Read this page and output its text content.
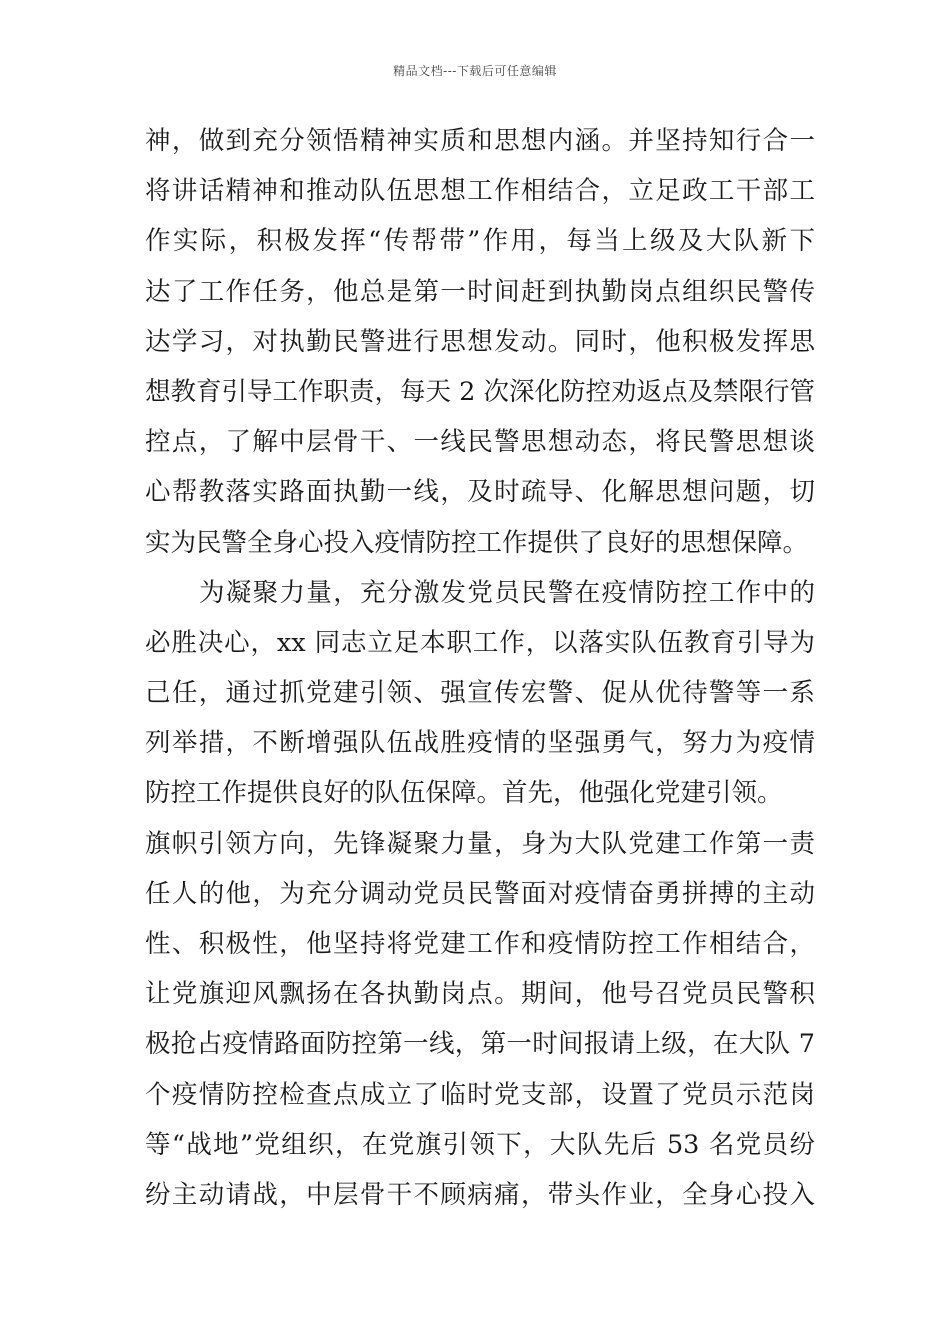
精品文档---下载后可任意编辑
神，做到充分领悟精神实质和思想内涵。并坚持知行合一
将讲话精神和推动队伍思想工作相结合，立足政工干部工
作实际，积极发挥“传帮带”作用，每当上级及大队新下
达了工作任务，他总是第一时间赶到执勤岗点组织民警传
达学习，对执勤民警进行思想发动。同时，他积极发挥思
想教育引导工作职责，每天 2 次深化防控劝返点及禁限行管
控点，了解中层骨干、一线民警思想动态，将民警思想谈
心帮教落实路面执勤一线，及时疏导、化解思想问题，切
实为民警全身心投入疫情防控工作提供了良好的思想保障。
为凝聚力量，充分激发党员民警在疫情防控工作中的
必胜决心，xx 同志立足本职工作，以落实队伍教育引导为
己任，通过抓党建引领、强宣传宏警、促从优待警等一系
列举措，不断增强队伍战胜疫情的坚强勇气，努力为疫情
防控工作提供良好的队伍保障。首先，他强化党建引领。
旗帜引领方向，先锋凝聚力量，身为大队党建工作第一责
任人的他，为充分调动党员民警面对疫情奋勇拼搏的主动
性、积极性，他坚持将党建工作和疫情防控工作相结合，
让党旗迎风飘扬在各执勤岗点。期间，他号召党员民警积
极抢占疫情路面防控第一线，第一时间报请上级，在大队 7
个疫情防控检查点成立了临时党支部，设置了党员示范岗
等“战地”党组织，在党旗引领下，大队先后 53 名党员纷
纷主动请战，中层骨干不顾病痛，带头作业，全身心投入
